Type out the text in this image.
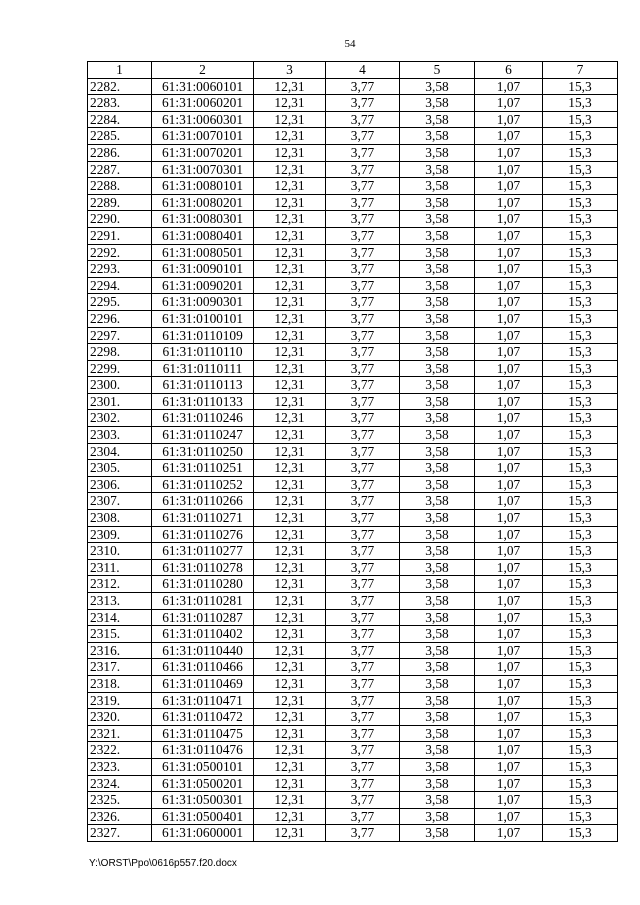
54
1	2	3	4	5	6	7
2282.	61:31:0060101	12,31	3,77	3,58	1,07	15,3
2283.	61:31:0060201	12,31	3,77	3,58	1,07	15,3
2284.	61:31:0060301	12,31	3,77	3,58	1,07	15,3
2285.	61:31:0070101	12,31	3,77	3,58	1,07	15,3
2286.	61:31:0070201	12,31	3,77	3,58	1,07	15,3
2287.	61:31:0070301	12,31	3,77	3,58	1,07	15,3
2288.	61:31:0080101	12,31	3,77	3,58	1,07	15,3
2289.	61:31:0080201	12,31	3,77	3,58	1,07	15,3
2290.	61:31:0080301	12,31	3,77	3,58	1,07	15,3
2291.	61:31:0080401	12,31	3,77	3,58	1,07	15,3
2292.	61:31:0080501	12,31	3,77	3,58	1,07	15,3
2293.	61:31:0090101	12,31	3,77	3,58	1,07	15,3
2294.	61:31:0090201	12,31	3,77	3,58	1,07	15,3
2295.	61:31:0090301	12,31	3,77	3,58	1,07	15,3
2296.	61:31:0100101	12,31	3,77	3,58	1,07	15,3
2297.	61:31:0110109	12,31	3,77	3,58	1,07	15,3
2298.	61:31:0110110	12,31	3,77	3,58	1,07	15,3
2299.	61:31:0110111	12,31	3,77	3,58	1,07	15,3
2300.	61:31:0110113	12,31	3,77	3,58	1,07	15,3
2301.	61:31:0110133	12,31	3,77	3,58	1,07	15,3
2302.	61:31:0110246	12,31	3,77	3,58	1,07	15,3
2303.	61:31:0110247	12,31	3,77	3,58	1,07	15,3
2304.	61:31:0110250	12,31	3,77	3,58	1,07	15,3
2305.	61:31:0110251	12,31	3,77	3,58	1,07	15,3
2306.	61:31:0110252	12,31	3,77	3,58	1,07	15,3
2307.	61:31:0110266	12,31	3,77	3,58	1,07	15,3
2308.	61:31:0110271	12,31	3,77	3,58	1,07	15,3
2309.	61:31:0110276	12,31	3,77	3,58	1,07	15,3
2310.	61:31:0110277	12,31	3,77	3,58	1,07	15,3
2311.	61:31:0110278	12,31	3,77	3,58	1,07	15,3
2312.	61:31:0110280	12,31	3,77	3,58	1,07	15,3
2313.	61:31:0110281	12,31	3,77	3,58	1,07	15,3
2314.	61:31:0110287	12,31	3,77	3,58	1,07	15,3
2315.	61:31:0110402	12,31	3,77	3,58	1,07	15,3
2316.	61:31:0110440	12,31	3,77	3,58	1,07	15,3
2317.	61:31:0110466	12,31	3,77	3,58	1,07	15,3
2318.	61:31:0110469	12,31	3,77	3,58	1,07	15,3
2319.	61:31:0110471	12,31	3,77	3,58	1,07	15,3
2320.	61:31:0110472	12,31	3,77	3,58	1,07	15,3
2321.	61:31:0110475	12,31	3,77	3,58	1,07	15,3
2322.	61:31:0110476	12,31	3,77	3,58	1,07	15,3
2323.	61:31:0500101	12,31	3,77	3,58	1,07	15,3
2324.	61:31:0500201	12,31	3,77	3,58	1,07	15,3
2325.	61:31:0500301	12,31	3,77	3,58	1,07	15,3
2326.	61:31:0500401	12,31	3,77	3,58	1,07	15,3
2327.	61:31:0600001	12,31	3,77	3,58	1,07	15,3
Y:\ORST\Ppo\0616p557.f20.docx
